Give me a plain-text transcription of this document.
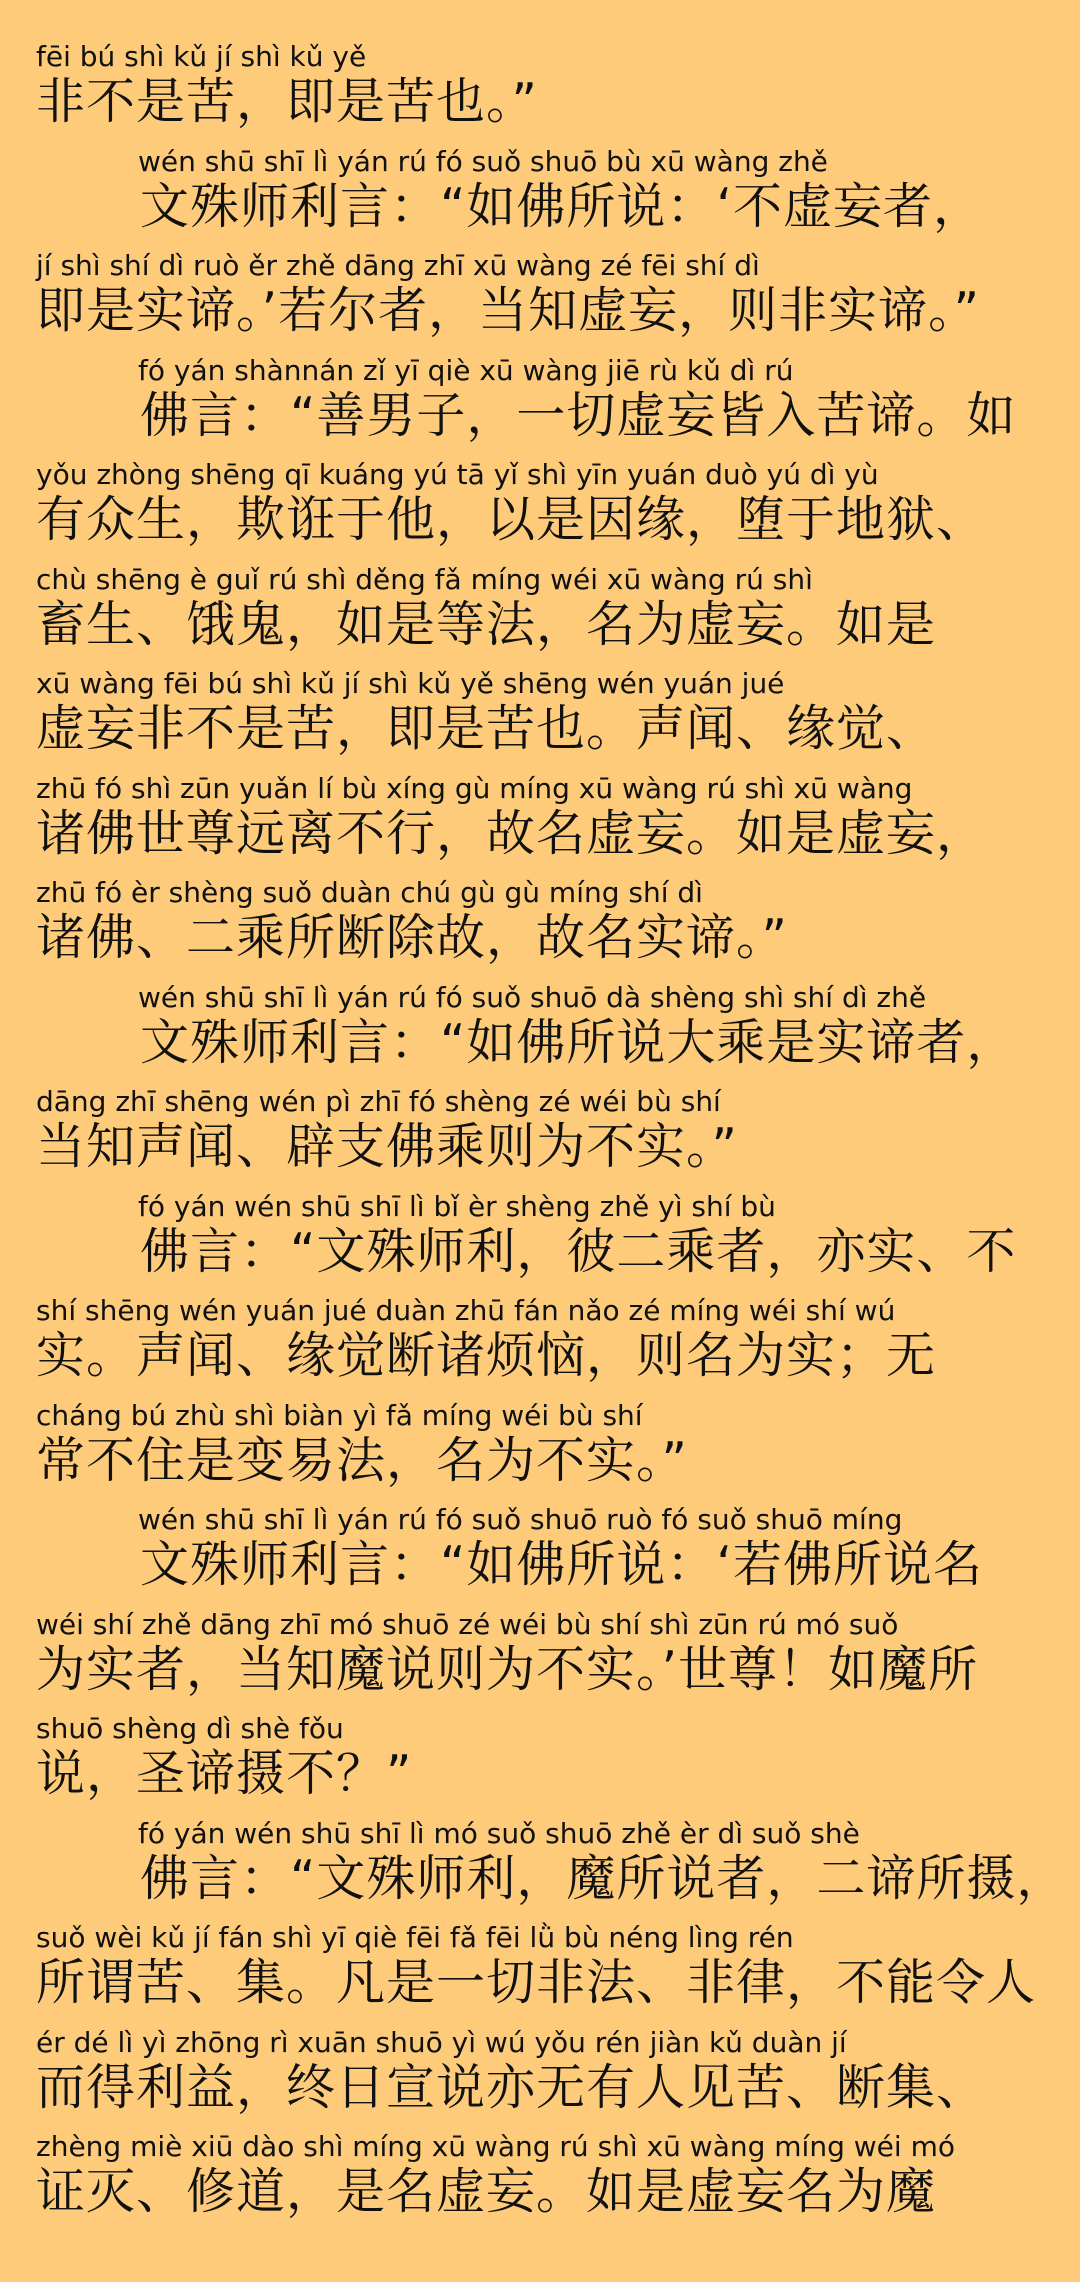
fēi bú shì kǔ jí shì kǔ yě
非不是苦，即是苦也。”
wén shū shī lì yán rú fó suǒ shuō bù xū wàng zhě
文殊师利言：“如佛所说：‘不虚妄者，
jí shì shí dì ruò ěr zhě dāng zhī xū wàng zé fēi shí dì
即是实谛。’若尔者，当知虚妄，则非实谛。”
fó yán shànnán zǐ yī qiè xū wàng jiē rù kǔ dì rú
佛言：“善男子，一切虚妄皆入苦谛。如
yǒu zhòng shēng qī kuáng yú tā yǐ shì yīn yuán duò yú dì yù
有众生，欺诳于他，以是因缘，堕于地狱、
chù shēng è guǐ rú shì děng fǎ míng wéi xū wàng rú shì
畜生、饿鬼，如是等法，名为虚妄。如是
xū wàng fēi bú shì kǔ jí shì kǔ yě shēng wén yuán jué
虚妄非不是苦，即是苦也。声闻、缘觉、
zhū fó shì zūn yuǎn lí bù xíng gù míng xū wàng rú shì xū wàng
诸佛世尊远离不行，故名虚妄。如是虚妄，
zhū fó èr shèng suǒ duàn chú gù gù míng shí dì
诸佛、二乘所断除故，故名实谛。”
wén shū shī lì yán rú fó suǒ shuō dà shèng shì shí dì zhě
文殊师利言：“如佛所说大乘是实谛者，
dāng zhī shēng wén pì zhī fó shèng zé wéi bù shí
当知声闻、辟支佛乘则为不实。”
fó yán wén shū shī lì bǐ èr shèng zhě yì shí bù
佛言：“文殊师利，彼二乘者，亦实、不
shí shēng wén yuán jué duàn zhū fán nǎo zé míng wéi shí wú
实。声闻、缘觉断诸烦恼，则名为实；无
cháng bú zhù shì biàn yì fǎ míng wéi bù shí
常不住是变易法，名为不实。”
wén shū shī lì yán rú fó suǒ shuō ruò fó suǒ shuō míng
文殊师利言：“如佛所说：‘若佛所说名
wéi shí zhě dāng zhī mó shuō zé wéi bù shí shì zūn rú mó suǒ
为实者，当知魔说则为不实。’世尊！如魔所
shuō shèng dì shè fǒu
说，圣谛摄不？”
fó yán wén shū shī lì mó suǒ shuō zhě èr dì suǒ shè
佛言：“文殊师利，魔所说者，二谛所摄，
suǒ wèi kǔ jí fán shì yī qiè fēi fǎ fēi lǜ bù néng lìng rén
所谓苦、集。凡是一切非法、非律，不能令人
ér dé lì yì zhōng rì xuān shuō yì wú yǒu rén jiàn kǔ duàn jí
而得利益，终日宣说亦无有人见苦、断集、
zhèng miè xiū dào shì míng xū wàng rú shì xū wàng míng wéi mó
证灭、修道，是名虚妄。如是虚妄名为魔
